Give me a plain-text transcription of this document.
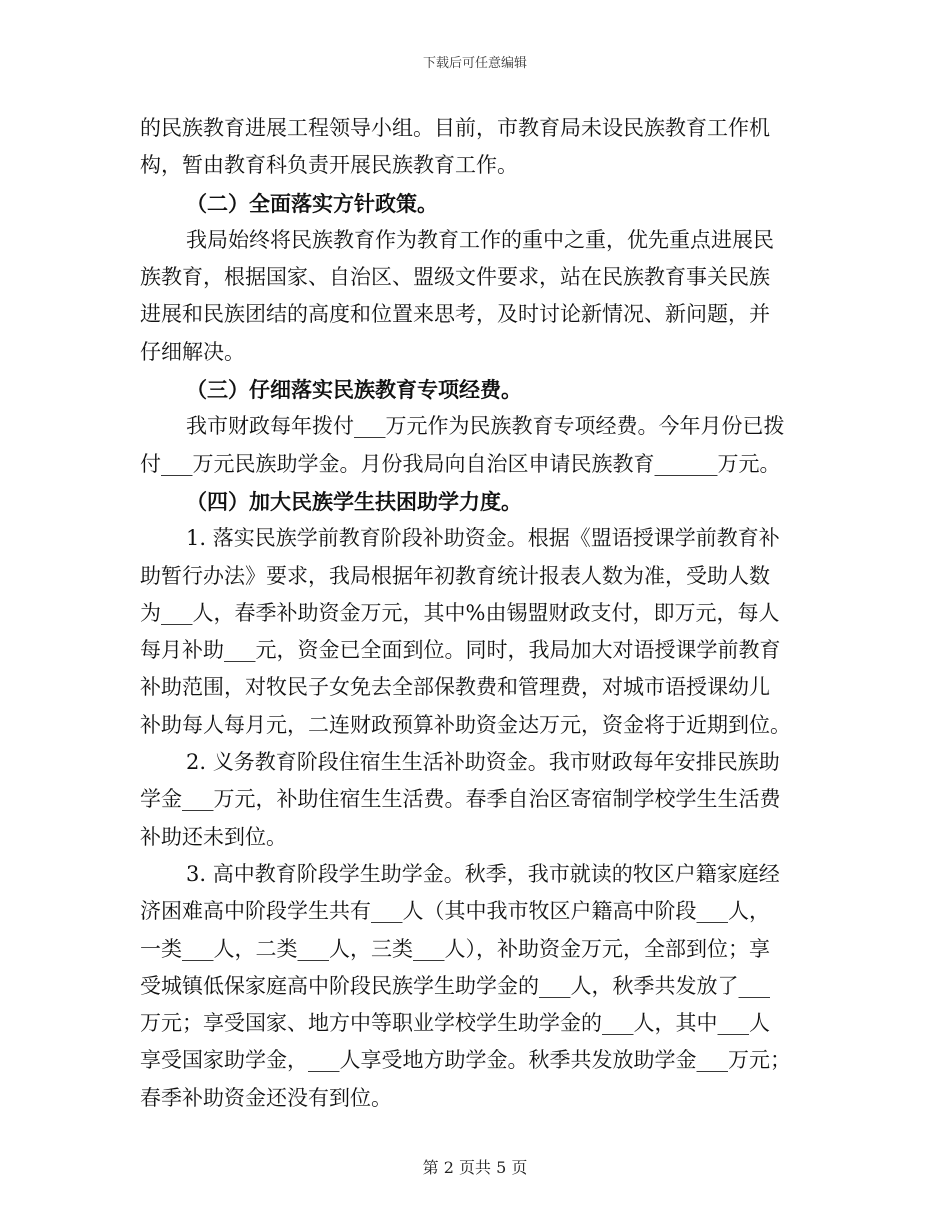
下载后可任意编辑
的民族教育进展工程领导小组。目前，市教育局未设民族教育工作机
构，暂由教育科负责开展民族教育工作。
（二）全面落实方针政策。
我局始终将民族教育作为教育工作的重中之重，优先重点进展民
族教育，根据国家、自治区、盟级文件要求，站在民族教育事关民族
进展和民族团结的高度和位置来思考，及时讨论新情况、新问题，并
仔细解决。
（三）仔细落实民族教育专项经费。
我市财政每年拨付___万元作为民族教育专项经费。今年月份已拨
付___万元民族助学金。月份我局向自治区申请民族教育______万元。
（四）加大民族学生扶困助学力度。
1. 落实民族学前教育阶段补助资金。根据《盟语授课学前教育补
助暂行办法》要求，我局根据年初教育统计报表人数为准，受助人数
为___人，春季补助资金万元，其中%由锡盟财政支付，即万元，每人
每月补助___元，资金已全面到位。同时，我局加大对语授课学前教育
补助范围，对牧民子女免去全部保教费和管理费，对城市语授课幼儿
补助每人每月元，二连财政预算补助资金达万元，资金将于近期到位。
2. 义务教育阶段住宿生生活补助资金。我市财政每年安排民族助
学金___万元，补助住宿生生活费。春季自治区寄宿制学校学生生活费
补助还未到位。
3. 高中教育阶段学生助学金。秋季，我市就读的牧区户籍家庭经
济困难高中阶段学生共有___人（其中我市牧区户籍高中阶段___人，
一类___人，二类___人，三类___人），补助资金万元，全部到位；享
受城镇低保家庭高中阶段民族学生助学金的___人，秋季共发放了___
万元；享受国家、地方中等职业学校学生助学金的___人，其中___人
享受国家助学金，___人享受地方助学金。秋季共发放助学金___万元；
春季补助资金还没有到位。
第 2 页共 5 页
